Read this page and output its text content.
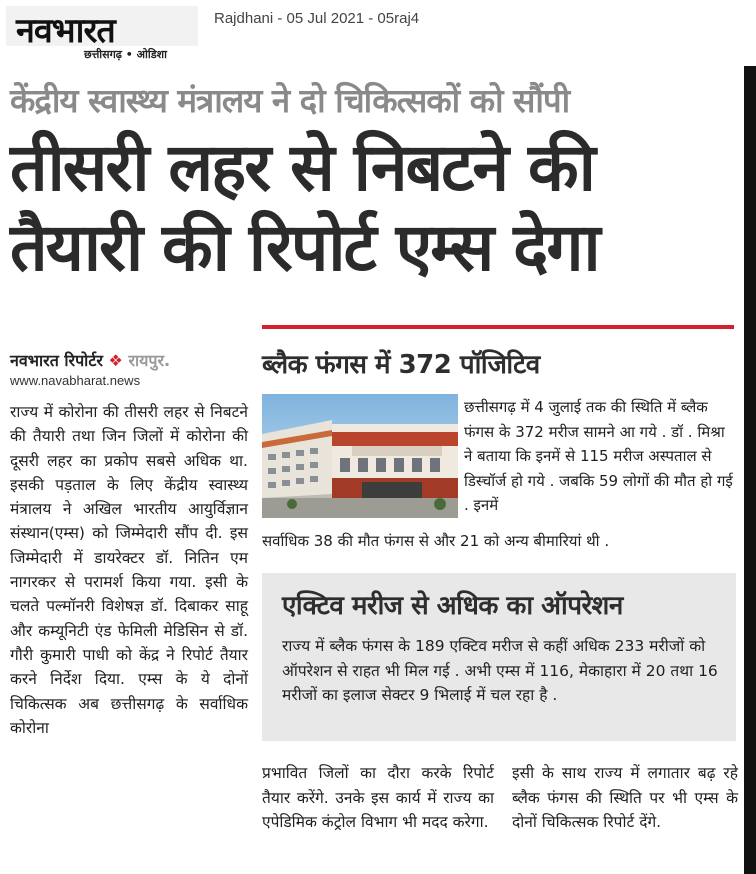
नवभारत
छत्तीसगढ़ • ओडिशा
Rajdhani - 05 Jul 2021 - 05raj4
केंद्रीय स्वास्थ्य मंत्रालय ने दो चिकित्सकों को सौंपी
तीसरी लहर से निबटने की
तैयारी की रिपोर्ट एम्स देगा
नवभारत रिपोर्टर ❖ रायपुर.
www.navabharat.news
राज्य में कोरोना की तीसरी लहर से निबटने की तैयारी तथा जिन जिलों में कोरोना की दूसरी लहर का प्रकोप सबसे अधिक था. इसकी पड़ताल के लिए केंद्रीय स्वास्थ्य मंत्रालय ने अखिल भारतीय आयुर्विज्ञान संस्थान(एम्स) को जिम्मेदारी सौंप दी. इस जिम्मेदारी में डायरेक्टर डॉ. नितिन एम नागरकर से परामर्श किया गया. इसी के चलते पल्मॉनरी विशेषज्ञ डॉ. दिबाकर साहू और कम्यूनिटी एंड फेमिली मेडिसिन से डॉ. गौरी कुमारी पाधी को केंद्र ने रिपोर्ट तैयार करने निर्देश दिया. एम्स के ये दोनों चिकित्सक अब छत्तीसगढ़ के सर्वाधिक कोरोना
ब्लैक फंगस में 372 पॉजिटिव
छत्तीसगढ़ में 4 जुलाई तक की स्थिति में ब्लैक फंगस के 372 मरीज सामने आ गये . डॉ . मिश्रा ने बताया कि इनमें से 115 मरीज अस्पताल से डिस्चॉर्ज हो गये . जबकि 59 लोगों की मौत हो गई . इनमें
सर्वाधिक 38 की मौत फंगस से और 21 को अन्य बीमारियां थी .
एक्टिव मरीज से अधिक का ऑपरेशन
राज्य में ब्लैक फंगस के 189 एक्टिव मरीज से कहीं अधिक 233 मरीजों को ऑपरेशन से राहत भी मिल गई . अभी एम्स में 116, मेकाहारा में 20 तथा 16 मरीजों का इलाज सेक्टर 9 भिलाई में चल रहा है .
प्रभावित जिलों का दौरा करके रिपोर्ट तैयार करेंगे. उनके इस कार्य में राज्य का एपेडिमिक कंट्रोल विभाग भी मदद करेगा.
इसी के साथ राज्य में लगातार बढ़ रहे ब्लैक फंगस की स्थिति पर भी एम्स के दोनों चिकित्सक रिपोर्ट देंगे.
